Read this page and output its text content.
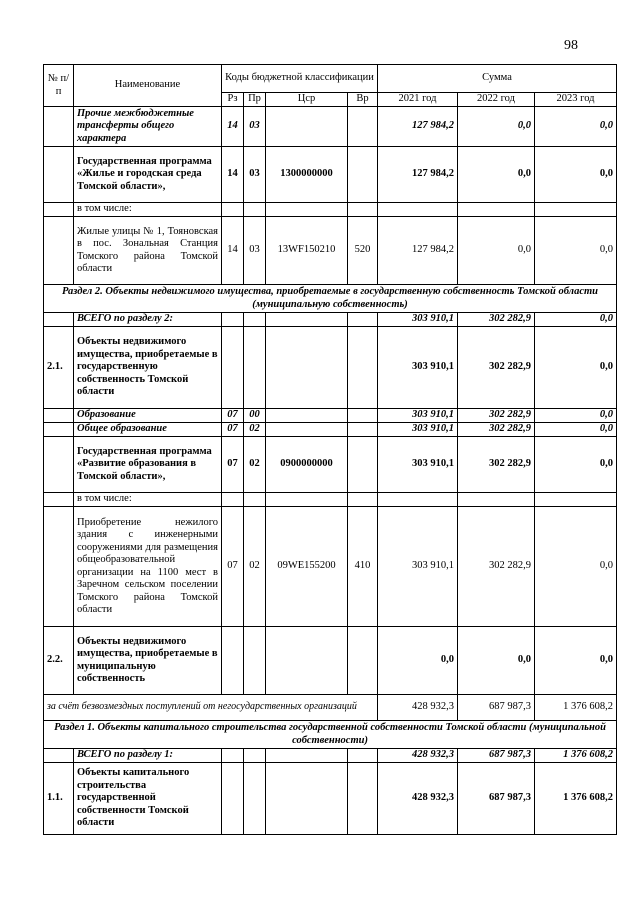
98
№ п/п	Наименование	Коды бюджетной классификации				Сумма		
		Рз	Пр	Цср	Вр	2021 год	2022 год	2023 год
	Прочие межбюджетные трансферты общего характера	14	03			127 984,2	0,0	0,0
	Государственная программа «Жилье и городская среда Томской области»,	14	03	1300000000		127 984,2	0,0	0,0
	в том числе:							
	Жилые улицы № 1, Тояновская в пос. Зональная Станция Томского района Томской области	14	03	13WF150210	520	127 984,2	0,0	0,0
Раздел 2. Объекты недвижимого имущества, приобретаемые в государственную собственность Томской области (муниципальную собственность)								
	ВСЕГО по разделу 2:					303 910,1	302 282,9	0,0
2.1.	Объекты недвижимого имущества, приобретаемые в государственную собственность Томской области					303 910,1	302 282,9	0,0
	Образование	07	00			303 910,1	302 282,9	0,0
	Общее образование	07	02			303 910,1	302 282,9	0,0
	Государственная программа «Развитие образования в Томской области»,	07	02	0900000000		303 910,1	302 282,9	0,0
	в том числе:							
	Приобретение нежилого здания с инженерными сооружениями для размещения общеобразовательной организации на 1100 мест в Заречном сельском поселении Томского района Томской области	07	02	09WE155200	410	303 910,1	302 282,9	0,0
2.2.	Объекты недвижимого имущества, приобретаемые в муниципальную собственность					0,0	0,0	0,0
за счёт безвозмездных поступлений от негосударственных организаций						428 932,3	687 987,3	1 376 608,2
Раздел 1. Объекты капитального строительства государственной собственности Томской области (муниципальной собственности)								
	ВСЕГО по разделу 1:					428 932,3	687 987,3	1 376 608,2
1.1.	Объекты капитального строительства государственной собственности Томской области					428 932,3	687 987,3	1 376 608,2
